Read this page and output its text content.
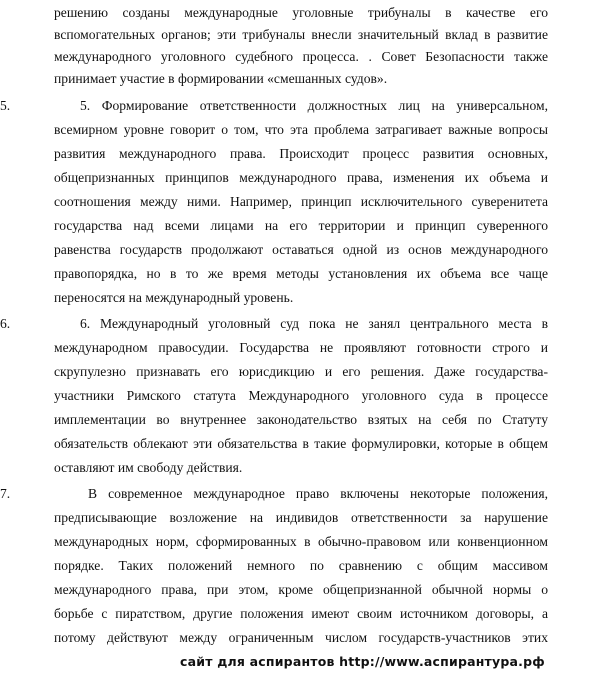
решению созданы международные уголовные трибуналы в качестве его
вспомогательных органов; эти трибуналы внесли значительный вклад в развитие
международного уголовного судебного процесса. . Совет Безопасности также
принимает участие в формировании «смешанных судов».
5.	5. Формирование ответственности должностных лиц на универсальном,
всемирном уровне говорит о том, что эта проблема затрагивает важные вопросы
развития международного права. Происходит процесс развития основных,
общепризнанных принципов международного права, изменения их объема и
соотношения между ними. Например, принцип исключительного суверенитета
государства над всеми лицами на его территории и принцип суверенного
равенства государств продолжают оставаться одной из основ международного
правопорядка, но в то же время методы установления их объема все чаще
переносятся на международный уровень.
6.	6. Международный уголовный суд пока не занял центрального места в
международном правосудии. Государства не проявляют готовности строго и
скрупулезно признавать его юрисдикцию и его решения. Даже государства-
участники Римского статута Международного уголовного суда в процессе
имплементации во внутреннее законодательство взятых на себя по Статуту
обязательств облекают эти обязательства в такие формулировки, которые в общем
оставляют им свободу действия.
7.	В современное международное право включены некоторые положения,
предписывающие возложение на индивидов ответственности за нарушение
международных норм, сформированных в обычно-правовом или конвенционном
порядке. Таких положений немного по сравнению с общим массивом
международного права, при этом, кроме общепризнанной обычной нормы о
борьбе с пиратством, другие положения имеют своим источником договоры, а
потому действуют между ограниченным числом государств-участников этих
сайт для аспирантов http://www.аспирантура.рф
